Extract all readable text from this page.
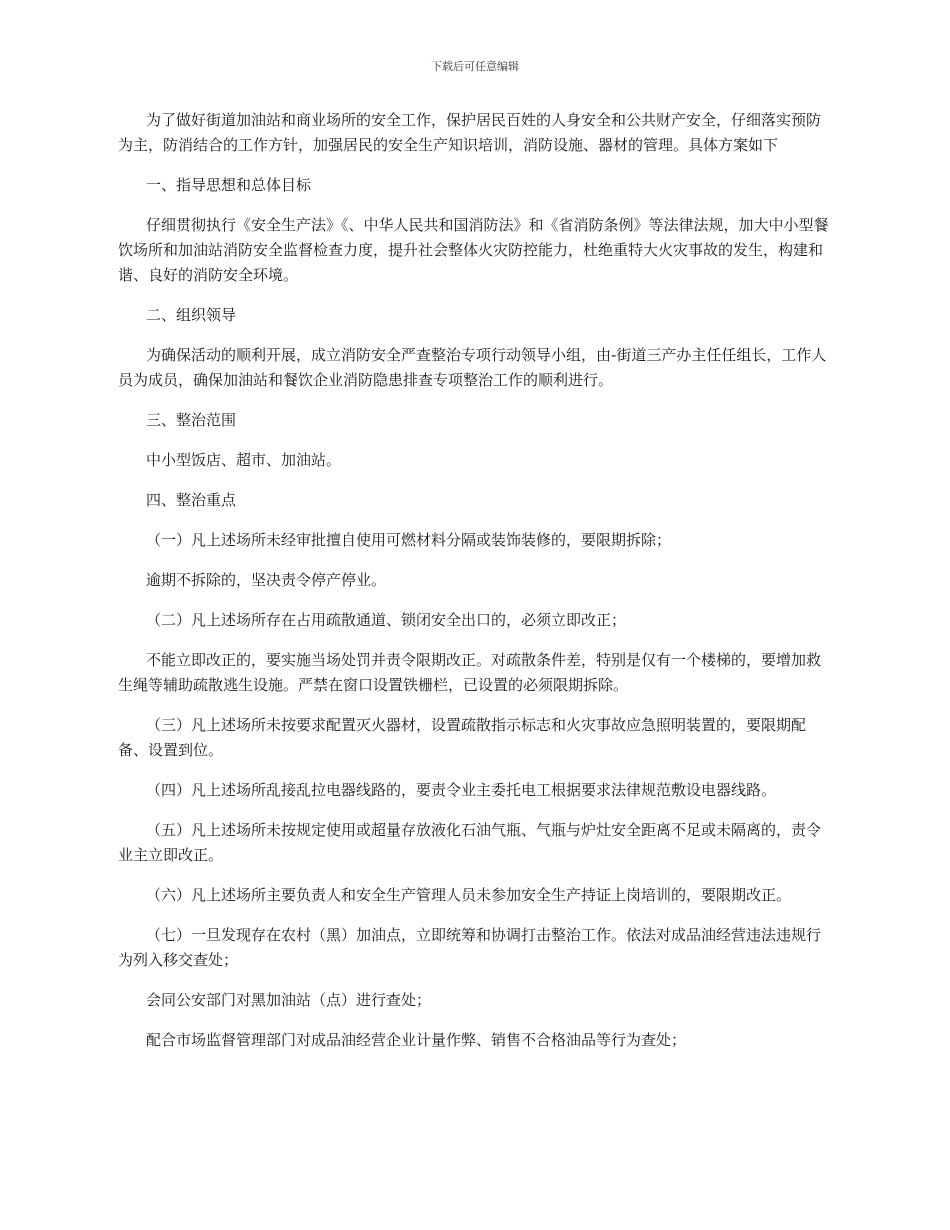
下载后可任意编辑

为了做好街道加油站和商业场所的安全工作，保护居民百姓的人身安全和公共财产安全，仔细落实预防为主，防消结合的工作方针，加强居民的安全生产知识培训，消防设施、器材的管理。具体方案如下

一、指导思想和总体目标

仔细贯彻执行《安全生产法》《、中华人民共和国消防法》和《省消防条例》等法律法规，加大中小型餐饮场所和加油站消防安全监督检查力度，提升社会整体火灾防控能力，杜绝重特大火灾事故的发生，构建和谐、良好的消防安全环境。

二、组织领导

为确保活动的顺利开展，成立消防安全严查整治专项行动领导小组，由-街道三产办主任任组长，工作人员为成员，确保加油站和餐饮企业消防隐患排查专项整治工作的顺利进行。

三、整治范围

中小型饭店、超市、加油站。

四、整治重点

（一）凡上述场所未经审批擅自使用可燃材料分隔或装饰装修的，要限期拆除；

逾期不拆除的，坚决责令停产停业。

（二）凡上述场所存在占用疏散通道、锁闭安全出口的，必须立即改正；

不能立即改正的，要实施当场处罚并责令限期改正。对疏散条件差，特别是仅有一个楼梯的，要增加救生绳等辅助疏散逃生设施。严禁在窗口设置铁栅栏，已设置的必须限期拆除。

（三）凡上述场所未按要求配置灭火器材，设置疏散指示标志和火灾事故应急照明装置的，要限期配备、设置到位。

（四）凡上述场所乱接乱拉电器线路的，要责令业主委托电工根据要求法律规范敷设电器线路。

（五）凡上述场所未按规定使用或超量存放液化石油气瓶、气瓶与炉灶安全距离不足或未隔离的，责令业主立即改正。

（六）凡上述场所主要负责人和安全生产管理人员未参加安全生产持证上岗培训的，要限期改正。

（七）一旦发现存在农村（黑）加油点，立即统筹和协调打击整治工作。依法对成品油经营违法违规行为列入移交查处；

会同公安部门对黑加油站（点）进行查处；

配合市场监督管理部门对成品油经营企业计量作弊、销售不合格油品等行为查处；
